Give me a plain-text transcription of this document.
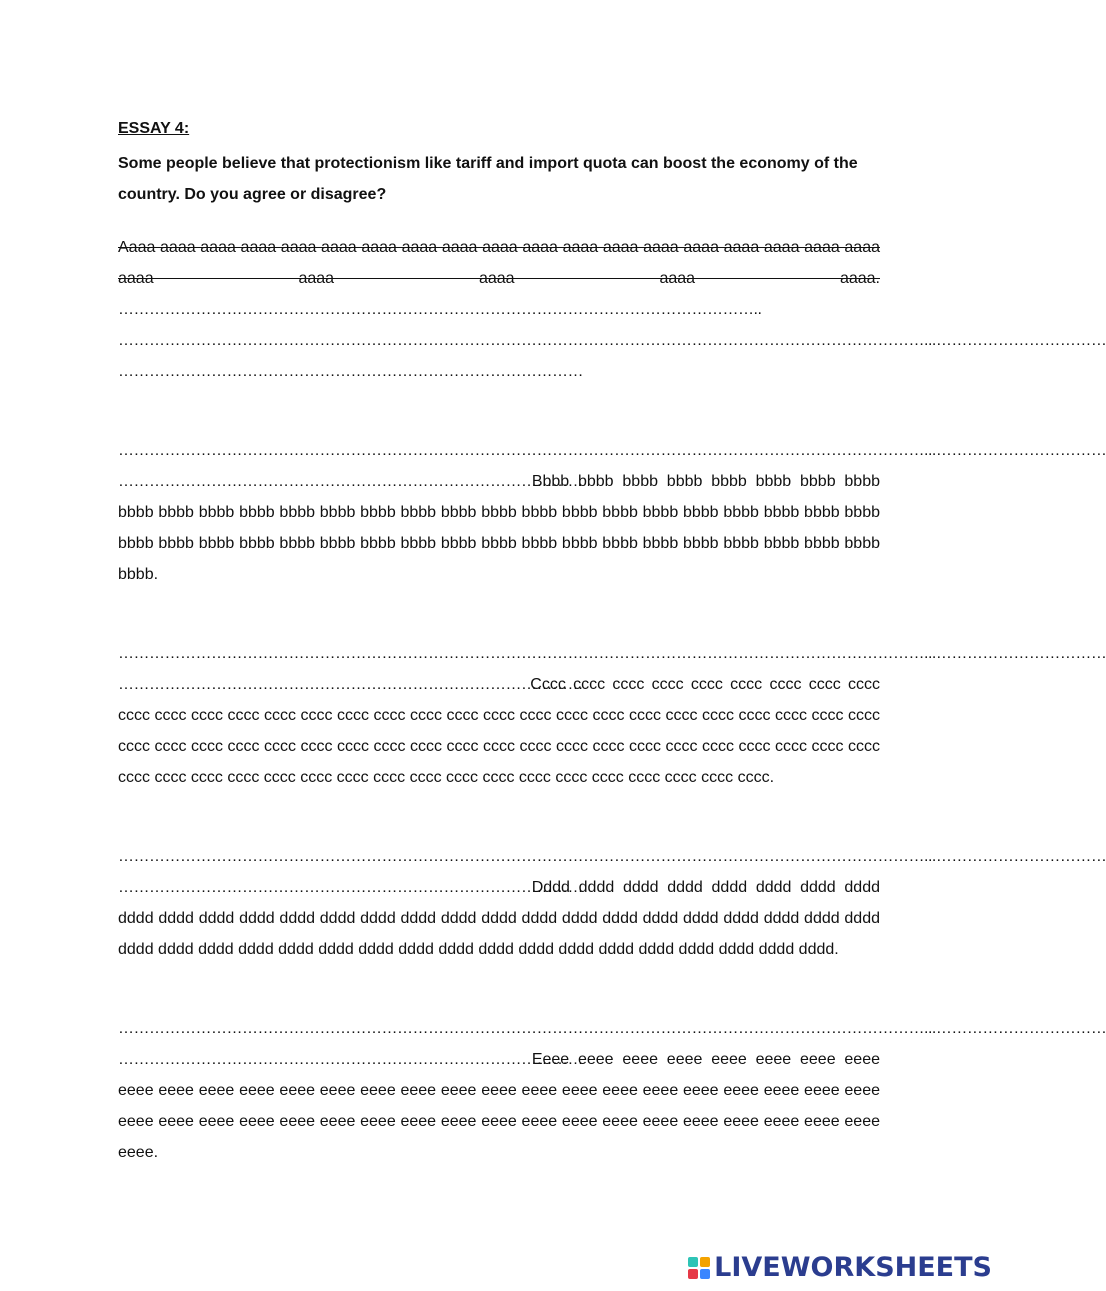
ESSAY 4:

Some people believe that protectionism like tariff and import quota can boost the economy of the country. Do you agree or disagree?

Aaaa aaaa aaaa aaaa aaaa aaaa aaaa aaaa aaaa aaaa aaaa aaaa aaaa aaaa aaaa aaaa aaaa aaaa aaaa aaaa aaaa aaaa aaaa aaaa. ……………………………………………………………………………………………………………..
…………………………………………………………………………………………………………………………………………...……………………………
………………………………………………………………………………

…………………………………………………………………………………………………………………………………………...……………………………
……………………………………………………………………………… Bbbb bbbb bbbb bbbb bbbb bbbb bbbb bbbb bbbb bbbb bbbb bbbb bbbb bbbb bbbb bbbb bbbb bbbb bbbb bbbb bbbb bbbb bbbb bbbb bbbb bbbb bbbb bbbb bbbb bbbb bbbb bbbb bbbb bbbb bbbb bbbb bbbb bbbb bbbb bbbb bbbb bbbb bbbb bbbb bbbb bbbb bbbb.

…………………………………………………………………………………………………………………………………………...……………………………
……………………………………………………………………………… Cccc cccc cccc cccc cccc cccc cccc cccc cccc cccc cccc cccc cccc cccc cccc cccc cccc cccc cccc cccc cccc cccc cccc cccc cccc cccc cccc cccc cccc cccc cccc cccc cccc cccc cccc cccc cccc cccc cccc cccc cccc cccc cccc cccc cccc cccc cccc cccc cccc cccc cccc cccc cccc cccc cccc cccc cccc cccc cccc cccc cccc cccc cccc cccc cccc cccc cccc cccc cccc.

…………………………………………………………………………………………………………………………………………...……………………………
……………………………………………………………………………… Dddd dddd dddd dddd dddd dddd dddd dddd dddd dddd dddd dddd dddd dddd dddd dddd dddd dddd dddd dddd dddd dddd dddd dddd dddd dddd dddd dddd dddd dddd dddd dddd dddd dddd dddd dddd dddd dddd dddd dddd dddd dddd dddd dddd dddd.

…………………………………………………………………………………………………………………………………………...……………………………
……………………………………………………………………………… Eeee eeee eeee eeee eeee eeee eeee eeee eeee eeee eeee eeee eeee eeee eeee eeee eeee eeee eeee eeee eeee eeee eeee eeee eeee eeee eeee eeee eeee eeee eeee eeee eeee eeee eeee eeee eeee eeee eeee eeee eeee eeee eeee eeee eeee eeee eeee.

LIVEWORKSHEETS
